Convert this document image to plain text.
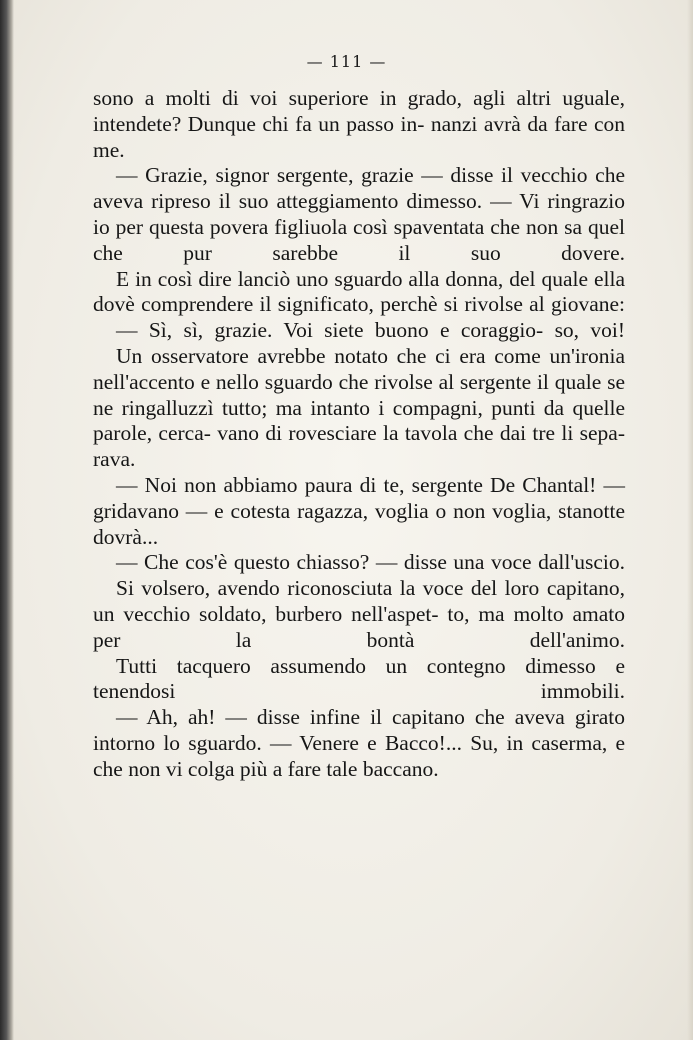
— 111 —

sono a molti di voi superiore in grado, agli altri uguale, intendete? Dunque chi fa un passo in- nanzi avrà da fare con me.

— Grazie, signor sergente, grazie — disse il vecchio che aveva ripreso il suo atteggiamento dimesso. — Vi ringrazio io per questa povera figliuola così spaventata che non sa quel che pur	sarebbe il suo dovere.

E in così dire lanciò uno sguardo alla donna, del quale ella dovè comprendere il significato, perchè si rivolse al giovane:

— Sì, sì, grazie. Voi siete buono e coraggio- so, voi!

Un osservatore avrebbe notato che ci era come un'ironia nell'accento e nello sguardo che rivolse al sergente il quale se ne ringalluzzì tutto; ma intanto i compagni, punti da quelle parole, cerca- vano di rovesciare la tavola che dai tre li sepa- rava.

— Noi non abbiamo paura di te, sergente De Chantal! — gridavano — e cotesta ragazza, voglia o non voglia, stanotte dovrà...

— Che cos'è questo chiasso? — disse una voce dall'uscio.

Si volsero, avendo riconosciuta la voce del loro capitano, un vecchio soldato, burbero nell'aspet- to, ma molto amato per la bontà dell'animo.

Tutti tacquero assumendo un contegno dimesso e tenendosi immobili.

— Ah, ah! — disse infine il capitano che aveva girato intorno lo sguardo. — Venere e Bacco!... Su, in caserma, e che non vi colga più a fare tale baccano.
